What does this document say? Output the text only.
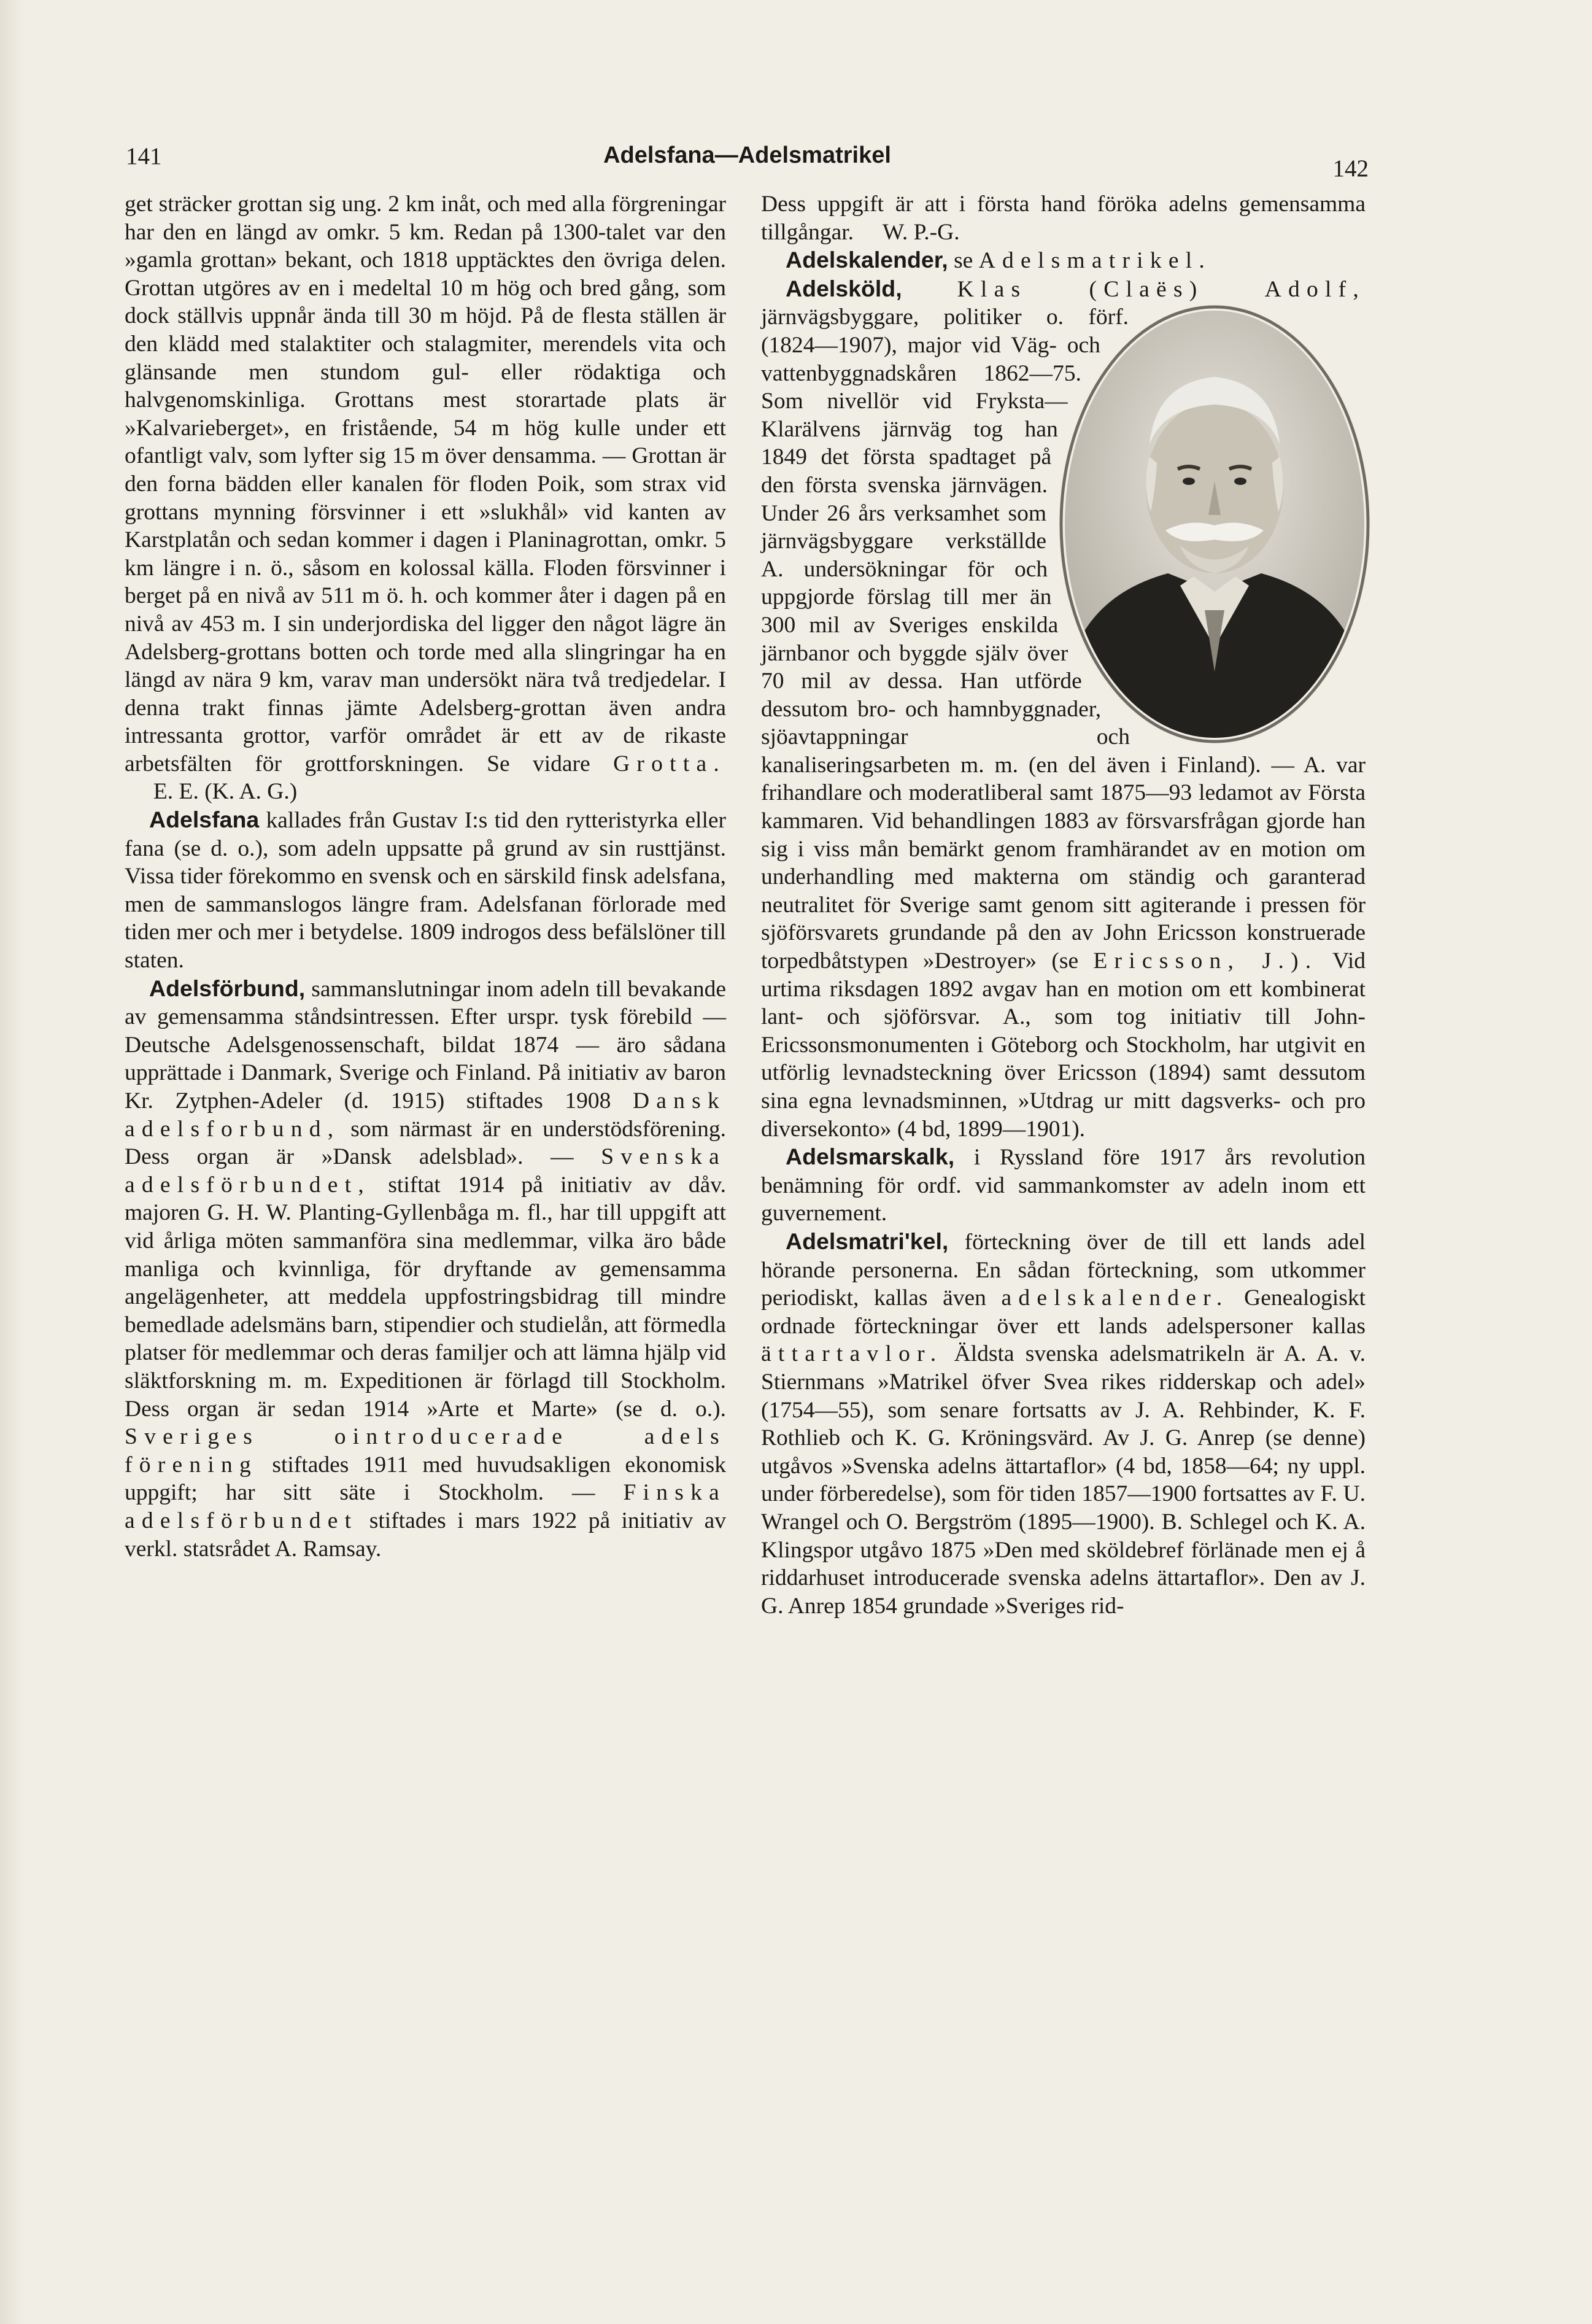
141	Adelsfana—Adelsmatrikel	142

get sträcker grottan sig ung. 2 km inåt, och med alla förgreningar har den en längd av omkr. 5 km. Redan på 1300-talet var den »gamla grottan» bekant, och 1818 upptäcktes den övriga delen. Grottan utgöres av en i medeltal 10 m hög och bred gång, som dock ställvis uppnår ända till 30 m höjd. På de flesta ställen är den klädd med stalaktiter och stalagmiter, merendels vita och glänsande men stundom gul- eller rödaktiga och halvgenomskinliga. Grottans mest storartade plats är »Kalvarieberget», en fristående, 54 m hög kulle under ett ofantligt valv, som lyfter sig 15 m över densamma. — Grottan är den forna bädden eller kanalen för floden Poik, som strax vid grottans mynning försvinner i ett »slukhål» vid kanten av Karstplatån och sedan kommer i dagen i Planinagrottan, omkr. 5 km längre i n. ö., såsom en kolossal källa. Floden försvinner i berget på en nivå av 511 m ö. h. och kommer åter i dagen på en nivå av 453 m. I sin underjordiska del ligger den något lägre än Adelsberg-grottans botten och torde med alla slingringar ha en längd av nära 9 km, varav man undersökt nära två tredjedelar. I denna trakt finnas jämte Adelsberg-grottan även andra intressanta grottor, varför området är ett av de rikaste arbetsfälten för grottforskningen. Se vidare Grotta.      E. E. (K. A. G.)

Adelsfana kallades från Gustav I:s tid den rytteristyrka eller fana (se d. o.), som adeln uppsatte på grund av sin rusttjänst. Vissa tider förekommo en svensk och en särskild finsk adelsfana, men de sammanslogos längre fram. Adelsfanan förlorade med tiden mer och mer i betydelse. 1809 indrogos dess befälslöner till staten.

Adelsförbund, sammanslutningar inom adeln till bevakande av gemensamma ståndsintressen. Efter urspr. tysk förebild — Deutsche Adelsgenossenschaft, bildat 1874 — äro sådana upprättade i Danmark, Sverige och Finland. På initiativ av baron Kr. Zytphen-Adeler (d. 1915) stiftades 1908 Dansk adelsforbund, som närmast är en understödsförening. Dess organ är »Dansk adelsblad». — Svenska adelsförbundet, stiftat 1914 på initiativ av dåv. majoren G. H. W. Planting-Gyllenbåga m. fl., har till uppgift att vid årliga möten sammanföra sina medlemmar, vilka äro både manliga och kvinnliga, för dryftande av gemensamma angelägenheter, att meddela uppfostringsbidrag till mindre bemedlade adelsmäns barn, stipendier och studielån, att förmedla platser för medlemmar och deras familjer och att lämna hjälp vid släktforskning m. m. Expeditionen är förlagd till Stockholm. Dess organ är sedan 1914 »Arte et Marte» (se d. o.). Sveriges ointroducerade adels förening stiftades 1911 med huvudsakligen ekonomisk uppgift; har sitt säte i Stockholm. — Finska adelsförbundet stiftades i mars 1922 på initiativ av verkl. statsrådet A. Ramsay.

Dess uppgift är att i första hand föröka adelns gemensamma tillgångar. W. P.-G.

Adelskalender, se Adelsmatrikel.

Adelsköld, Klas (Claës) Adolf,
järnvägsbyggare, politiker o. förf. (1824—1907), major vid Väg- och vattenbyggnadskåren 1862—75. Som nivellör vid Fryksta—Klarälvens järnväg tog han 1849 det första spadtaget på den första svenska järnvägen. Under 26 års verksamhet som järnvägsbyggare verkställde A. undersökningar för och uppgjorde förslag till mer än 300 mil av Sveriges enskilda järnbanor och byggde själv över 70 mil av dessa. Han utförde dessutom bro- och hamnbyggnader, sjöavtappningar och kanaliseringsarbeten m. m. (en del även i Finland). — A. var frihandlare och moderatliberal samt 1875—93 ledamot av Första kammaren. Vid behandlingen 1883 av försvarsfrågan gjorde han sig i viss mån bemärkt genom framhärandet av en motion om underhandling med makterna om ständig och garanterad neutralitet för Sverige samt genom sitt agiterande i pressen för sjöförsvarets grundande på den av John Ericsson konstruerade torpedbåtstypen »Destroyer» (se Ericsson, J.). Vid urtima riksdagen 1892 avgav han en motion om ett kombinerat lant- och sjöförsvar. A., som tog initiativ till John-Ericssonsmonumenten i Göteborg och Stockholm, har utgivit en utförlig levnadsteckning över Ericsson (1894) samt dessutom sina egna levnadsminnen, »Utdrag ur mitt dagsverks- och pro diversekonto» (4 bd, 1899—1901).

Adelsmarskalk, i Ryssland före 1917 års revolution benämning för ordf. vid sammankomster av adeln inom ett guvernement.

Adelsmatri'kel, förteckning över de till ett lands adel hörande personerna. En sådan förteckning, som utkommer periodiskt, kallas även adelskalender. Genealogiskt ordnade förteckningar över ett lands adelspersoner kallas ättartavlor. Äldsta svenska adelsmatrikeln är A. A. v. Stiernmans »Matrikel öfver Svea rikes ridderskap och adel» (1754—55), som senare fortsatts av J. A. Rehbinder, K. F. Rothlieb och K. G. Kröningsvärd. Av J. G. Anrep (se denne) utgåvos »Svenska adelns ättartaflor» (4 bd, 1858—64; ny uppl. under förberedelse), som för tiden 1857—1900 fortsattes av F. U. Wrangel och O. Bergström (1895—1900). B. Schlegel och K. A. Klingspor utgåvo 1875 »Den med sköldebref förlänade men ej å riddarhuset introducerade svenska adelns ättartaflor». Den av J. G. Anrep 1854 grundade »Sveriges rid-
